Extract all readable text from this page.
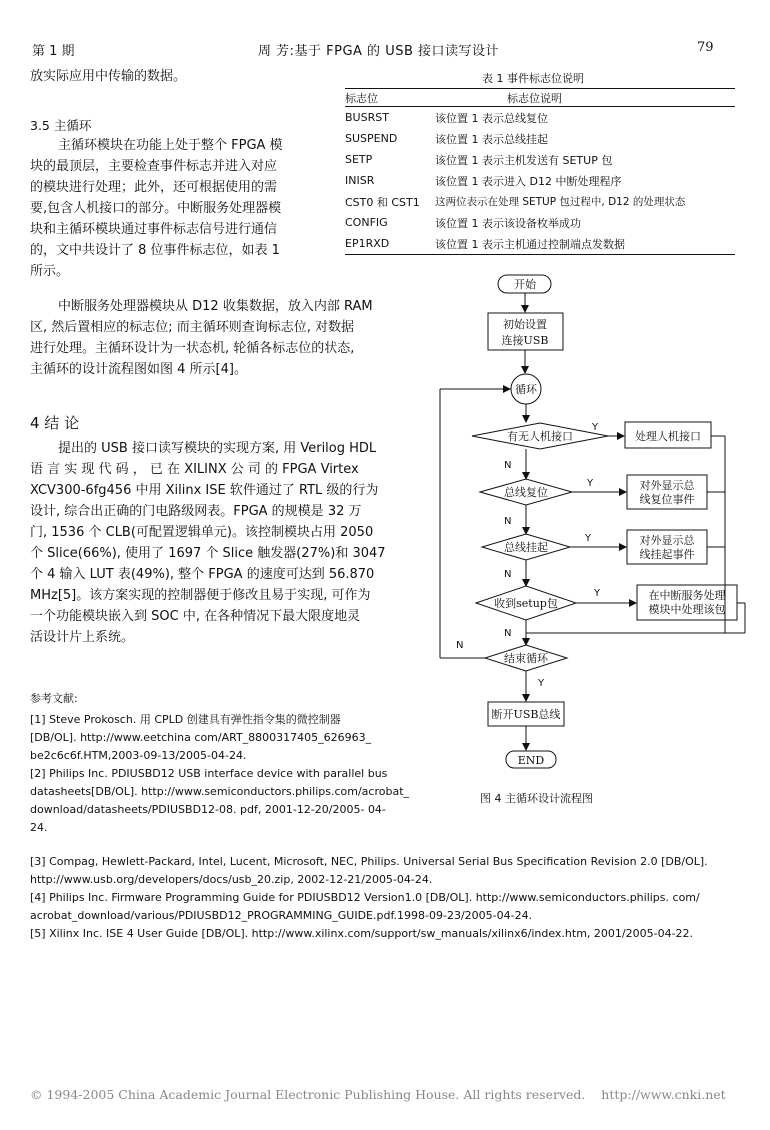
第 1 期	周 芳:基于 FPGA 的 USB 接口读写设计	79
放实际应用中传输的数据。
3.5 主循环
主循环模块在功能上处于整个 FPGA 模
块的最顶层，主要检查事件标志并进入对应
的模块进行处理；此外，还可根据使用的需
要,包含人机接口的部分。中断服务处理器模
块和主循环模块通过事件标志信号进行通信
的，文中共设计了 8 位事件标志位，如表 1
所示。
中断服务处理器模块从 D12 收集数据，放入内部 RAM
区, 然后置相应的标志位; 而主循环则查询标志位, 对数据
进行处理。主循环设计为一状态机, 轮循各标志位的状态,
主循环的设计流程图如图 4 所示[4]。
4 结 论
提出的 USB 接口读写模块的实现方案, 用 Verilog HDL
语 言 实 现 代 码 ， 已 在 XILINX 公 司 的 FPGA Virtex
XCV300-6fg456 中用 Xilinx ISE 软件通过了 RTL 级的行为
设计, 综合出正确的门电路级网表。FPGA 的规模是 32 万
门, 1536 个 CLB(可配置逻辑单元)。该控制模块占用 2050
个 Slice(66%), 使用了 1697 个 Slice 触发器(27%)和 3047
个 4 输入 LUT 表(49%), 整个 FPGA 的速度可达到 56.870
MHz[5]。该方案实现的控制器便于修改且易于实现, 可作为
一个功能模块嵌入到 SOC 中, 在各种情况下最大限度地灵
活设计片上系统。
参考文献:
[1] Steve Prokosch. 用 CPLD 创建具有弹性指令集的微控制器
[DB/OL]. http://www.eetchina com/ART_8800317405_626963_
be2c6c6f.HTM,2003-09-13/2005-04-24.
[2] Philips Inc. PDIUSBD12 USB interface device with parallel bus
datasheets[DB/OL]. http://www.semiconductors.philips.com/acrobat_
download/datasheets/PDIUSBD12-08. pdf, 2001-12-20/2005- 04-
24.
[3] Compag, Hewlett-Packard, Intel, Lucent, Microsoft, NEC, Philips. Universal Serial Bus Specification Revision 2.0 [DB/OL].
http://www.usb.org/developers/docs/usb_20.zip, 2002-12-21/2005-04-24.
[4] Philips Inc. Firmware Programming Guide for PDIUSBD12 Version1.0 [DB/OL]. http://www.semiconductors.philips. com/
acrobat_download/various/PDIUSBD12_PROGRAMMING_GUIDE.pdf.1998-09-23/2005-04-24.
[5] Xilinx Inc. ISE 4 User Guide [DB/OL]. http://www.xilinx.com/support/sw_manuals/xilinx6/index.htm, 2001/2005-04-22.
表 1 事件标志位说明
标志位	标志位说明
BUSRST	该位置 1 表示总线复位
SUSPEND	该位置 1 表示总线挂起
SETP	该位置 1 表示主机发送有 SETUP 包
INISR	该位置 1 表示进入 D12 中断处理程序
CST0 和 CST1	这两位表示在处理 SETUP 包过程中, D12 的处理状态
CONFIG	该位置 1 表示该设备枚举成功
EP1RXD	该位置 1 表示主机通过控制端点发数据
开始
初始设置
连接USB
循环
有无人机接口	处理人机接口
总线复位
对外显示总
线复位事件
总线挂起
对外显示总
线挂起事件
收到setup包
在中断服务处理
模块中处理该包
结束循环
断开USB总线
END
Y
Y
Y
Y
Y
N
N
N
N
N
图 4 主循环设计流程图
© 1994-2005 China Academic Journal Electronic Publishing House. All rights reserved.    http://www.cnki.net
